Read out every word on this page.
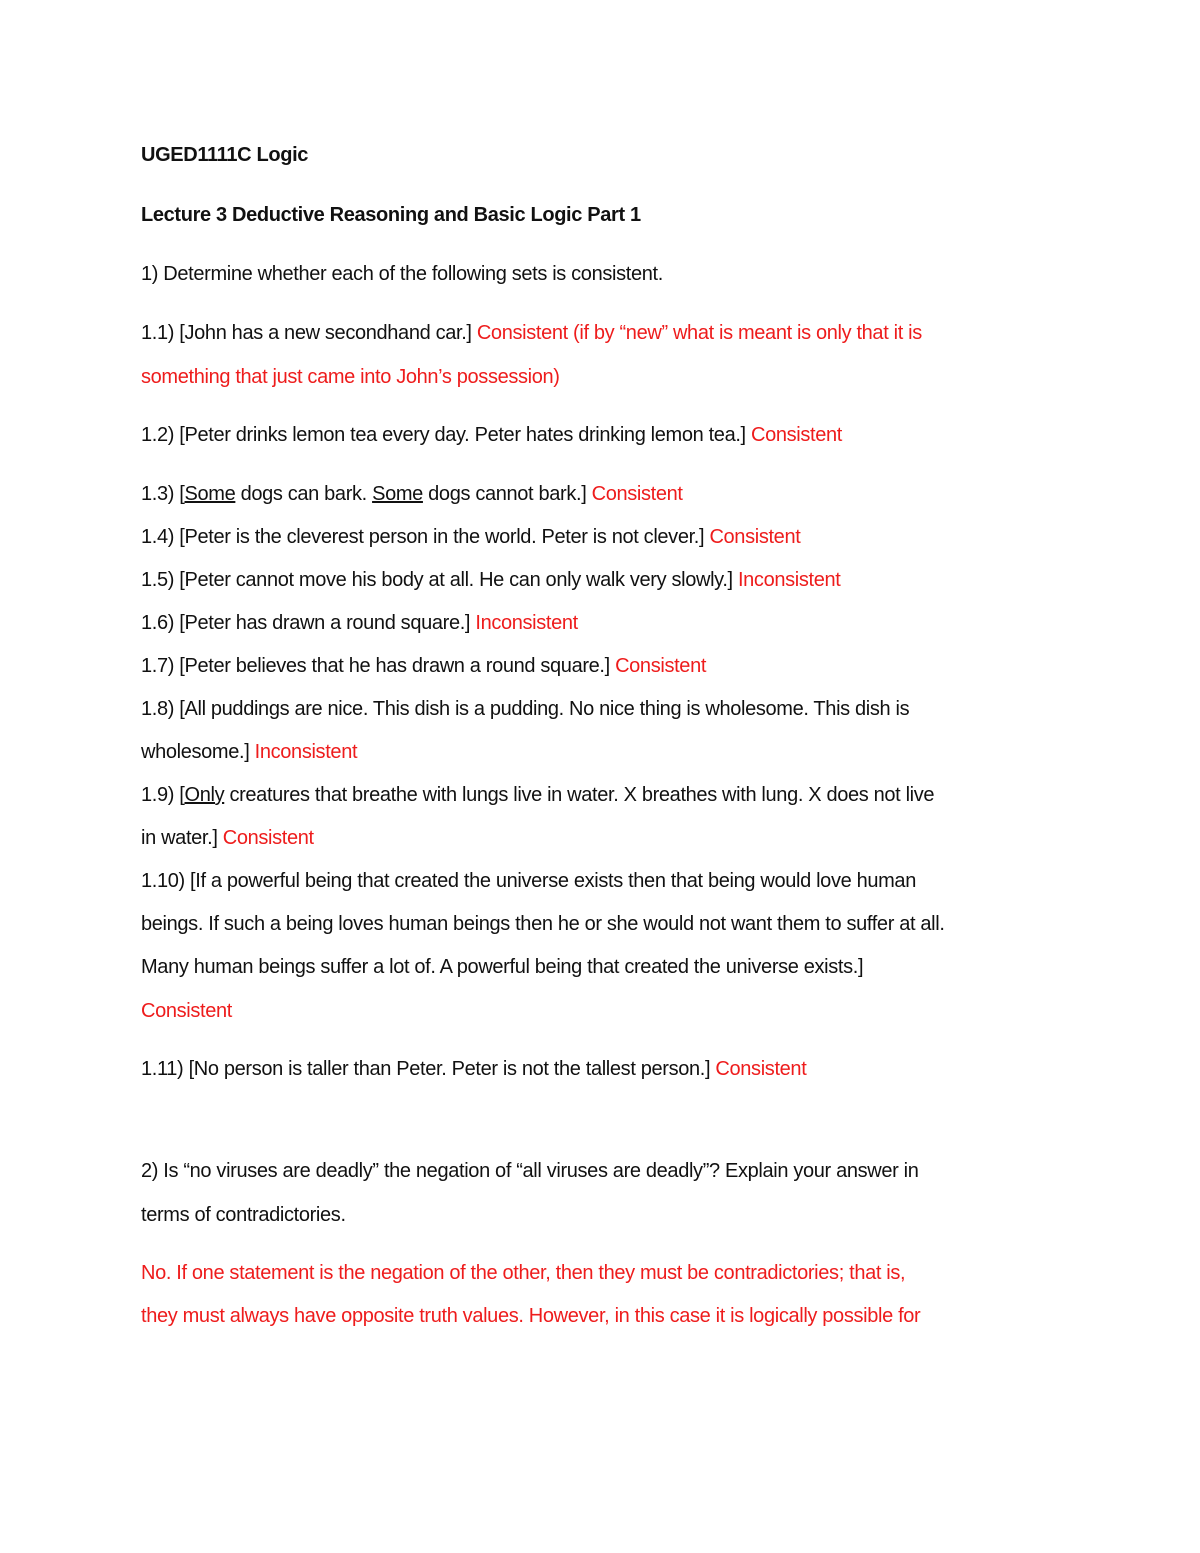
UGED1111C Logic

Lecture 3 Deductive Reasoning and Basic Logic Part 1

1) Determine whether each of the following sets is consistent.

1.1) [John has a new secondhand car.] Consistent (if by “new” what is meant is only that it is

something that just came into John’s possession)

1.2) [Peter drinks lemon tea every day. Peter hates drinking lemon tea.] Consistent

1.3) [Some dogs can bark. Some dogs cannot bark.] Consistent

1.4) [Peter is the cleverest person in the world. Peter is not clever.] Consistent

1.5) [Peter cannot move his body at all. He can only walk very slowly.] Inconsistent

1.6) [Peter has drawn a round square.] Inconsistent

1.7) [Peter believes that he has drawn a round square.] Consistent

1.8) [All puddings are nice. This dish is a pudding. No nice thing is wholesome. This dish is

wholesome.] Inconsistent

1.9) [Only creatures that breathe with lungs live in water. X breathes with lung. X does not live

in water.] Consistent

1.10) [If a powerful being that created the universe exists then that being would love human

beings. If such a being loves human beings then he or she would not want them to suffer at all.

Many human beings suffer a lot of. A powerful being that created the universe exists.]

Consistent

1.11) [No person is taller than Peter. Peter is not the tallest person.] Consistent

2) Is “no viruses are deadly” the negation of “all viruses are deadly”? Explain your answer in

terms of contradictories.

No. If one statement is the negation of the other, then they must be contradictories; that is,

they must always have opposite truth values. However, in this case it is logically possible for
